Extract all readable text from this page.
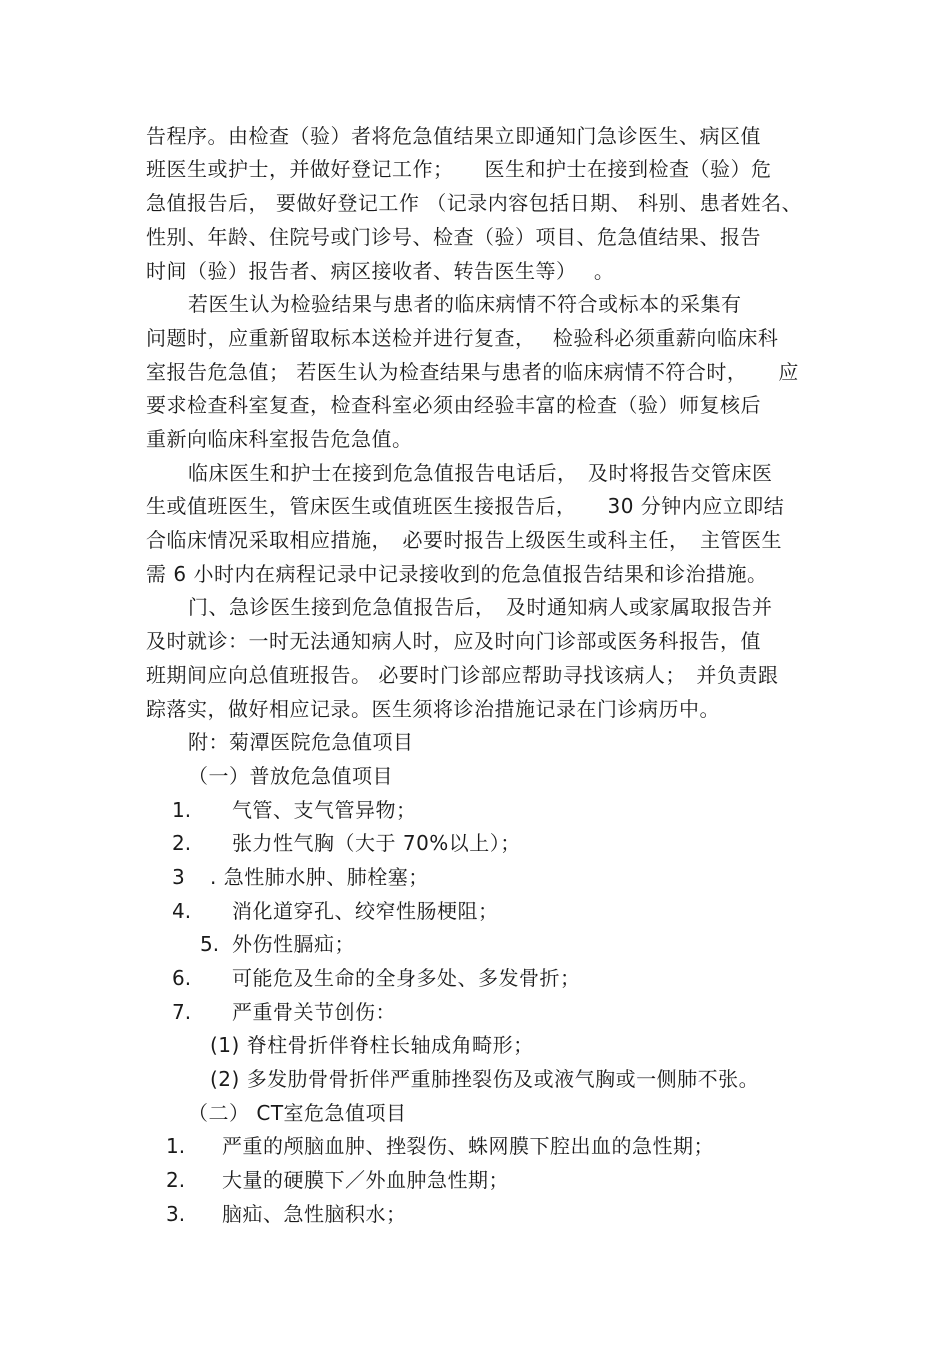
告程序。由检查（验）者将危急值结果立即通知门急诊医生、病区值
班医生或护士，并做好登记工作；　　医生和护士在接到检查（验）危
急值报告后， 要做好登记工作 （记录内容包括日期、 科别、患者姓名、
性别、年龄、住院号或门诊号、检查（验）项目、危急值结果、报告
时间（验）报告者、病区接收者、转告医生等）　 。
若医生认为检验结果与患者的临床病情不符合或标本的采集有
问题时，应重新留取标本送检并进行复查，　 检验科必须重薪向临床科
室报告危急值； 若医生认为检查结果与患者的临床病情不符合时，　　应
要求检查科室复查，检查科室必须由经验丰富的检查（验）师复核后
重新向临床科室报告危急值。
临床医生和护士在接到危急值报告电话后，　及时将报告交管床医
生或值班医生，管床医生或值班医生接报告后，　　30 分钟内应立即结
合临床情况采取相应措施，　必要时报告上级医生或科主任，　主管医生
需 6 小时内在病程记录中记录接收到的危急值报告结果和诊治措施。
门、急诊医生接到危急值报告后，　及时通知病人或家属取报告并
及时就诊：一时无法通知病人时，应及时向门诊部或医务科报告，值
班期间应向总值班报告。 必要时门诊部应帮助寻找该病人；　并负责跟
踪落实，做好相应记录。医生须将诊治措施记录在门诊病历中。
附：菊潭医院危急值项目
（一）普放危急值项目
1. 气管、支气管异物；
2. 张力性气胸（大于 70%以上）；
3 . 急性肺水肿、肺栓塞；
4. 消化道穿孔、绞窄性肠梗阻；
5. 外伤性膈疝；
6. 可能危及生命的全身多处、多发骨折；
7. 严重骨关节创伤：
(1) 脊柱骨折伴脊柱长轴成角畸形；
(2) 多发肋骨骨折伴严重肺挫裂伤及或液气胸或一侧肺不张。
（二） CT室危急值项目
1. 严重的颅脑血肿、挫裂伤、蛛网膜下腔出血的急性期；
2. 大量的硬膜下／外血肿急性期；
3. 脑疝、急性脑积水；
